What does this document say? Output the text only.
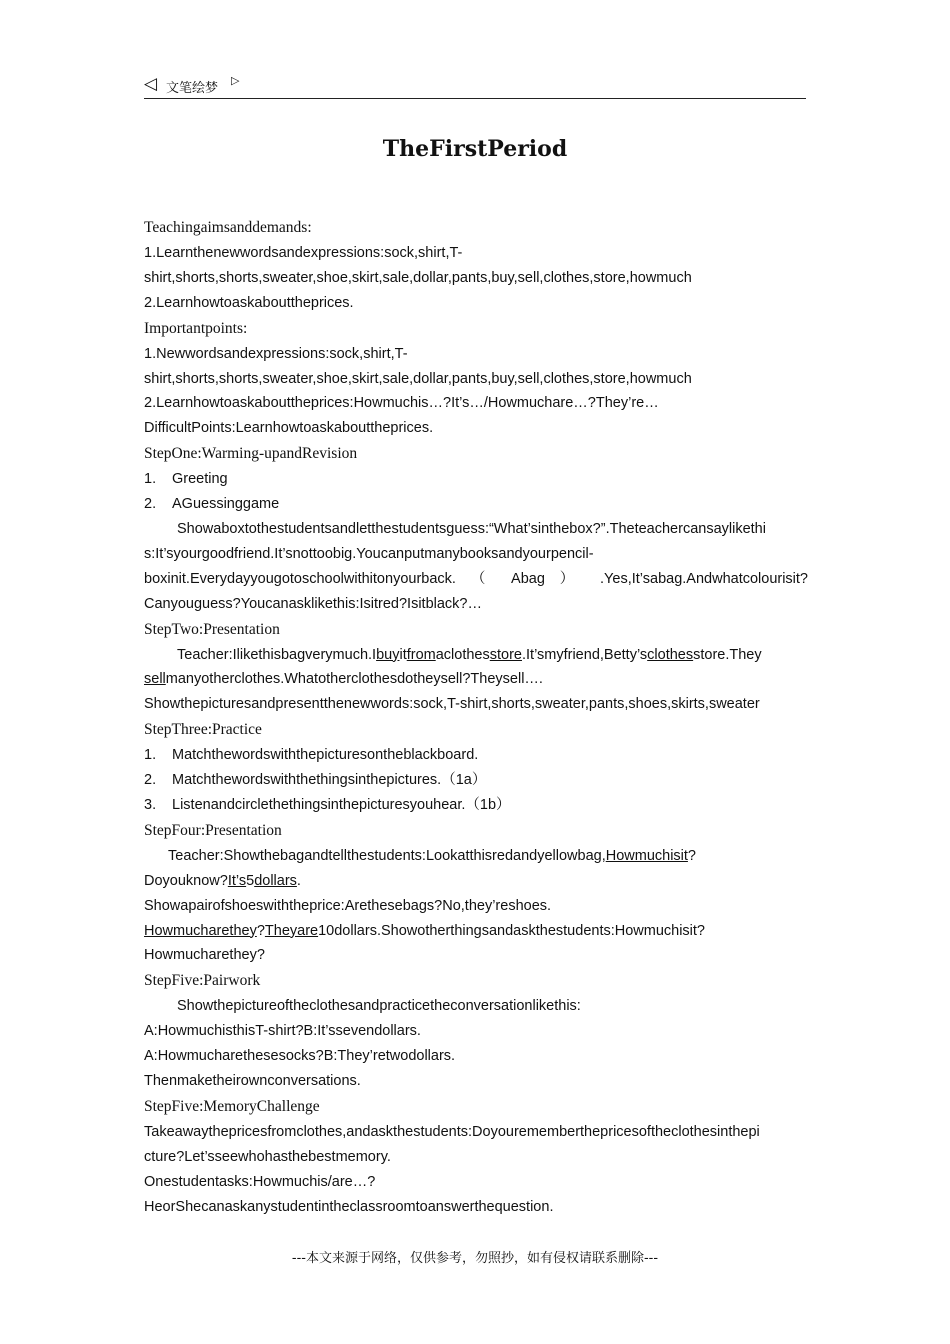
◁ 文笔绘梦
▷
TheFirstPeriod
Teachingaimsanddemands:
1.Learnthenewwordsandexpressions:sock,shirt,T-
shirt,shorts,shorts,sweater,shoe,skirt,sale,dollar,pants,buy,sell,clothes,store,howmuch
2.Learnhowtoaskabouttheprices.
Importantpoints:
1.Newwordsandexpressions:sock,shirt,T-
shirt,shorts,shorts,sweater,shoe,skirt,sale,dollar,pants,buy,sell,clothes,store,howmuch
2.Learnhowtoaskabouttheprices:Howmuchis…?It’s…/Howmuchare…?They’re…
DifficultPoints:Learnhowtoaskabouttheprices.
StepOne:Warming-upandRevision
1. Greeting
2. AGuessinggame
Showaboxtothestudentsandletthestudentsguess:“What’sinthebox?”.Theteachercansaylikethi
s:It’syourgoodfriend.It’snottoobig.Youcanputmanybooksandyourpencil-
boxinit.Everydayyougotoschoolwithitonyourback. （ Abag ） .Yes,It’sabag.Andwhatcolourisit?
Canyouguess?Youcanasklikethis:Isitred?Isitblack?…
StepTwo:Presentation
Teacher:Ilikethisbagverymuch.Ibuyitfromaclothesstore.It’smyfriend,Betty’sclothesstore.They
sellmanyotherclothes.Whatotherclothesdotheysell?Theysell….
Showthepicturesandpresentthenewwords:sock,T-shirt,shorts,sweater,pants,shoes,skirts,sweater
StepThree:Practice
1. Matchthewordswiththepicturesontheblackboard.
2. Matchthewordswiththethingsinthepictures.（1a）
3. Listenandcirclethethingsinthepicturesyouhear.（1b）
StepFour:Presentation
Teacher:Showthebagandtellthestudents:Lookatthisredandyellowbag,Howmuchisit?
Doyouknow?It’s5dollars.
Showapairofshoeswiththeprice:Arethesebags?No,they’reshoes.
Howmucharethey?Theyare10dollars.Showotherthingsandaskthestudents:Howmuchisit?
Howmucharethey?
StepFive:Pairwork
Showthepictureoftheclothesandpracticetheconversationlikethis:
A:HowmuchisthisT-shirt?B:It’ssevendollars.
A:Howmucharethesesocks?B:They’retwodollars.
Thenmaketheirownconversations.
StepFive:MemoryChallenge
Takeawaythepricesfromclothes,andaskthestudents:Doyourememberthepricesoftheclothesinthepi
cture?Let’sseewhohasthebestmemory.
Onestudentasks:Howmuchis/are…?
HeorShecanaskanystudentintheclassroomtoanswerthequestion.
---本文来源于网络，仅供参考，勿照抄，如有侵权请联系删除---
